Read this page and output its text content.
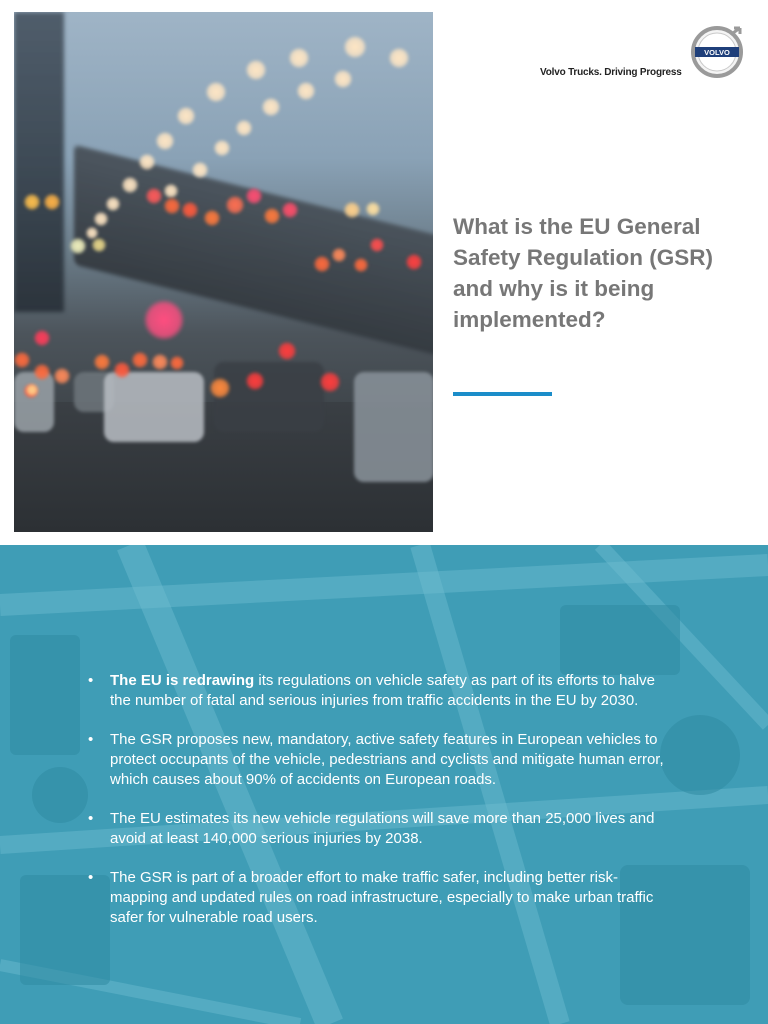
Volvo Trucks. Driving Progress
VOLVO
What is the EU General Safety Regulation (GSR) and why is it being implemented?
• The EU is redrawing its regulations on vehicle safety as part of its efforts to halve the number of fatal and serious injuries from traffic accidents in the EU by 2030.
• The GSR proposes new, mandatory, active safety features in European vehicles to protect occupants of the vehicle, pedestrians and cyclists and mitigate human error, which causes about 90% of accidents on European roads.
• The EU estimates its new vehicle regulations will save more than 25,000 lives and avoid at least 140,000 serious injuries by 2038.
• The GSR is part of a broader effort to make traffic safer, including better risk-mapping and updated rules on road infrastructure, especially to make urban traffic safer for vulnerable road users.
